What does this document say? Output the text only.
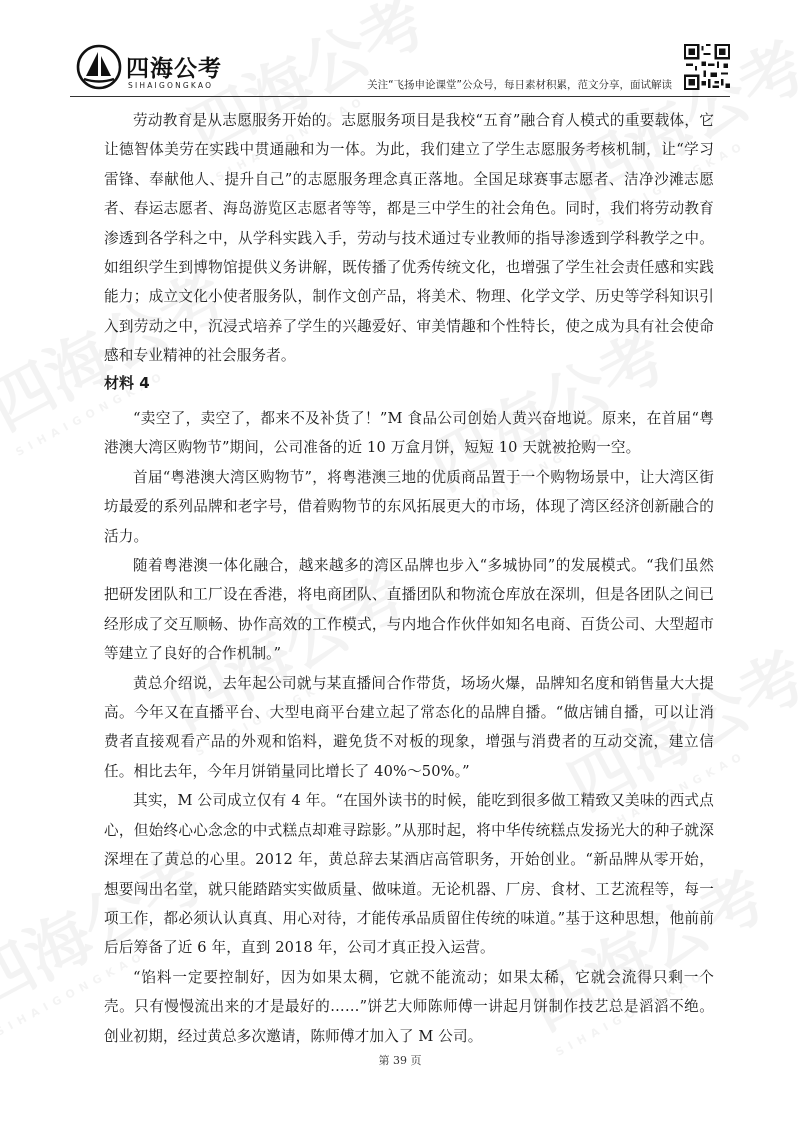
四海公考
SIHAIGONGKAO	关注“飞扬申论课堂”公众号，每日素材积累，范文分享，面试解读

劳动教育是从志愿服务开始的。志愿服务项目是我校“五育”融合育人模式的重要载体，它让德智体美劳在实践中贯通融和为一体。为此，我们建立了学生志愿服务考核机制，让“学习雷锋、奉献他人、提升自己”的志愿服务理念真正落地。全国足球赛事志愿者、洁净沙滩志愿者、春运志愿者、海岛游览区志愿者等等，都是三中学生的社会角色。同时，我们将劳动教育渗透到各学科之中，从学科实践入手，劳动与技术通过专业教师的指导渗透到学科教学之中。如组织学生到博物馆提供义务讲解，既传播了优秀传统文化，也增强了学生社会责任感和实践能力；成立文化小使者服务队，制作文创产品，将美术、物理、化学文学、历史等学科知识引入到劳动之中，沉浸式培养了学生的兴趣爱好、审美情趣和个性特长，使之成为具有社会使命感和专业精神的社会服务者。

材料 4

“卖空了，卖空了，都来不及补货了！”M 食品公司创始人黄兴奋地说。原来，在首届“粤港澳大湾区购物节”期间，公司准备的近 10 万盒月饼，短短 10 天就被抢购一空。

首届“粤港澳大湾区购物节”，将粤港澳三地的优质商品置于一个购物场景中，让大湾区街坊最爱的系列品牌和老字号，借着购物节的东风拓展更大的市场，体现了湾区经济创新融合的活力。

随着粤港澳一体化融合，越来越多的湾区品牌也步入“多城协同”的发展模式。“我们虽然把研发团队和工厂设在香港，将电商团队、直播团队和物流仓库放在深圳，但是各团队之间已经形成了交互顺畅、协作高效的工作模式，与内地合作伙伴如知名电商、百货公司、大型超市等建立了良好的合作机制。”

黄总介绍说，去年起公司就与某直播间合作带货，场场火爆，品牌知名度和销售量大大提高。今年又在直播平台、大型电商平台建立起了常态化的品牌自播。“做店铺自播，可以让消费者直接观看产品的外观和馅料，避免货不对板的现象，增强与消费者的互动交流，建立信任。相比去年，今年月饼销量同比增长了 40%～50%。”

其实，M 公司成立仅有 4 年。“在国外读书的时候，能吃到很多做工精致又美味的西式点心，但始终心心念念的中式糕点却难寻踪影。”从那时起，将中华传统糕点发扬光大的种子就深深埋在了黄总的心里。2012 年，黄总辞去某酒店高管职务，开始创业。“新品牌从零开始，想要闯出名堂，就只能踏踏实实做质量、做味道。无论机器、厂房、食材、工艺流程等，每一项工作，都必须认认真真、用心对待，才能传承品质留住传统的味道。”基于这种思想，他前前后后筹备了近 6 年，直到 2018 年，公司才真正投入运营。

“馅料一定要控制好，因为如果太稠，它就不能流动；如果太稀，它就会流得只剩一个壳。只有慢慢流出来的才是最好的……”饼艺大师陈师傅一讲起月饼制作技艺总是滔滔不绝。创业初期，经过黄总多次邀请，陈师傅才加入了 M 公司。

第 39 页
